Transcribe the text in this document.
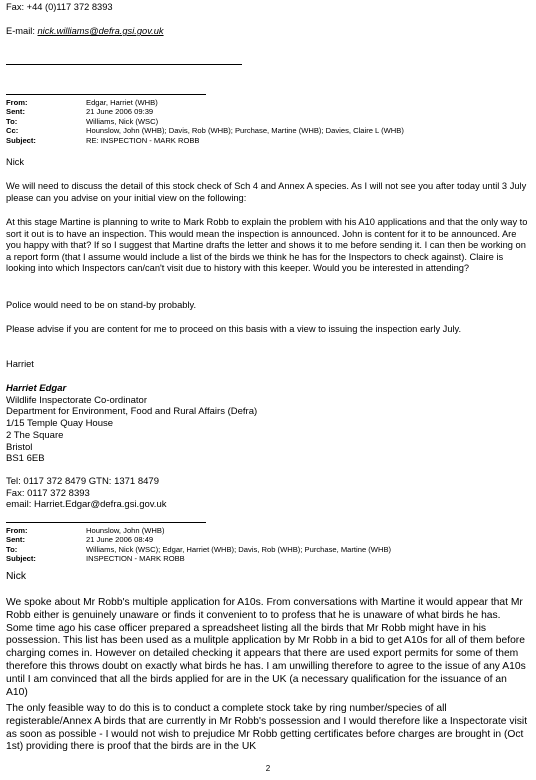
Fax: +44 (0)117 372 8393
E-mail: nick.williams@defra.gsi.gov.uk
From:	Edgar, Harriet (WHB)
Sent:	21 June 2006 09:39
To:	Williams, Nick (WSC)
Cc:	Hounslow, John (WHB); Davis, Rob (WHB); Purchase, Martine (WHB); Davies, Claire L (WHB)
Subject:	RE: INSPECTION - MARK ROBB
Nick
We will need to discuss the detail of this stock check of Sch 4 and Annex A species. As I will not see you after today until 3 July please can you advise on your initial view on the following:
At this stage Martine is planning to write to Mark Robb to explain the problem with his A10 applications and that the only way to sort it out is to have an inspection. This would mean the inspection is announced. John is content for it to be announced. Are you happy with that? If so I suggest that Martine drafts the letter and shows it to me before sending it. I can then be working on a report form (that I assume would include a list of the birds we think he has for the Inspectors to check against). Claire is looking into which Inspectors can/can't visit due to history with this keeper. Would you be interested in attending?
Police would need to be on stand-by probably.
Please advise if you are content for me to proceed on this basis with a view to issuing the inspection early July.
Harriet
Harriet Edgar
Wildlife Inspectorate Co-ordinator
Department for Environment, Food and Rural Affairs (Defra)
1/15 Temple Quay House
2 The Square
Bristol
BS1 6EB
Tel: 0117 372 8479 GTN: 1371 8479
Fax: 0117 372 8393
email: Harriet.Edgar@defra.gsi.gov.uk
From:	Hounslow, John (WHB)
Sent:	21 June 2006 08:49
To:	Williams, Nick (WSC); Edgar, Harriet (WHB); Davis, Rob (WHB); Purchase, Martine (WHB)
Subject:	INSPECTION - MARK ROBB
Nick
We spoke about Mr Robb's multiple application for A10s. From conversations with Martine it would appear that Mr Robb either is genuinely unaware or finds it convenient to to profess that he is unaware of what birds he has. Some time ago his case officer prepared a spreadsheet listing all the birds that Mr Robb might have in his possession. This list has been used as a mulitple application by Mr Robb in a bid to get A10s for all of them before charging comes in. However on detailed checking it appears that there are used export permits for some of them therefore this throws doubt on exactly what birds he has. I am unwilling therefore to agree to the issue of any A10s until I am convinced that all the birds applied for are in the UK (a necessary qualification for the issuance of an A10)
The only feasible way to do this is to conduct a complete stock take by ring number/species of all registerable/Annex A birds that are currently in Mr Robb's possession and I would therefore like a Inspectorate visit as soon as possible - I would not wish to prejudice Mr Robb getting certificates before charges are brought in (Oct 1st) providing there is proof that the birds are in the UK
2
